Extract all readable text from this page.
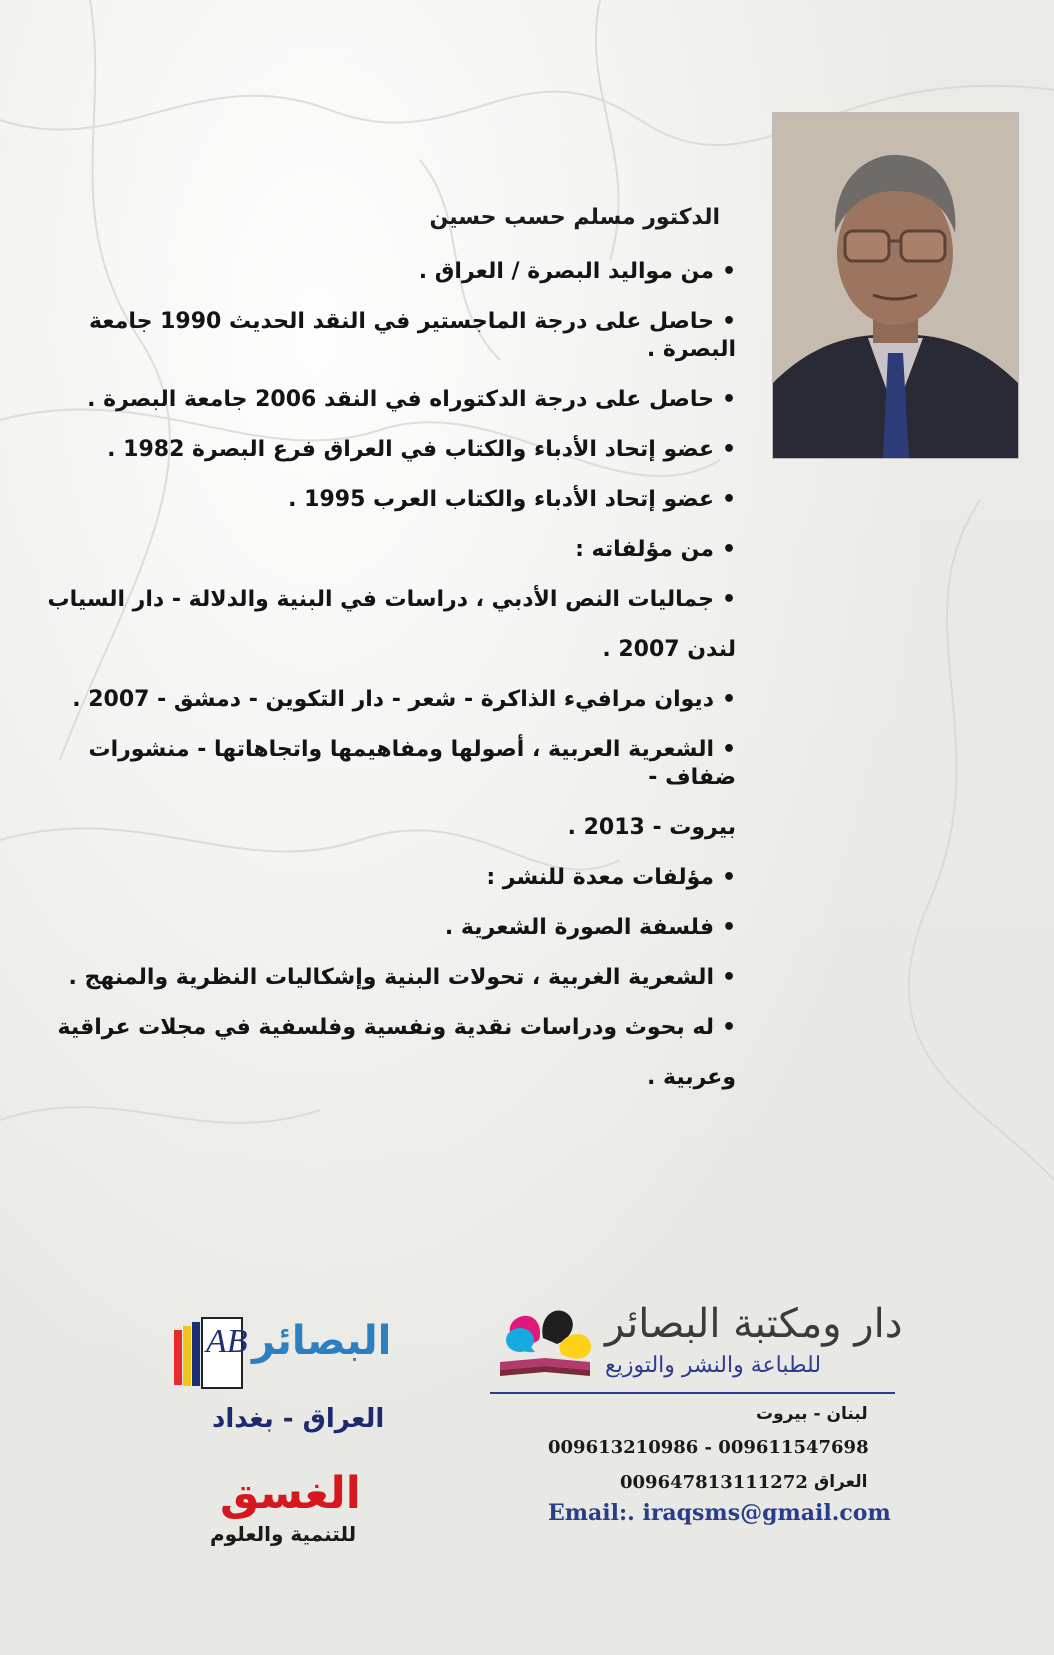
الدكتور مسلم حسب حسين
•من مواليد البصرة / العراق .
•حاصل على درجة الماجستير في النقد الحديث 1990 جامعة البصرة .
•حاصل على درجة الدكتوراه في النقد 2006 جامعة البصرة .
•عضو إتحاد الأدباء والكتاب في العراق فرع البصرة 1982 .
•عضو إتحاد الأدباء والكتاب العرب 1995 .
•من مؤلفاته :
•جماليات النص الأدبي ، دراسات في البنية والدلالة - دار السياب
لندن 2007 .
•ديوان مرافيء الذاكرة - شعر - دار التكوين - دمشق - 2007 .
•الشعرية العربية ، أصولها ومفاهيمها واتجاهاتها - منشورات ضفاف -
بيروت - 2013 .
•مؤلفات معدة للنشر :
•فلسفة الصورة الشعرية .
•الشعرية الغربية ، تحولات البنية وإشكاليات النظرية والمنهج .
•له بحوث ودراسات نقدية ونفسية وفلسفية في مجلات عراقية
وعربية .
دار ومكتبة البصائر
للطباعة والنشر والتوزيع
لبنان - بيروت
009613210986 - 009611547698
العراق
009647813111272
Email:. iraqsms@gmail.com
AB البصائر
العراق - بغداد
الغسق
للتنمية والعلوم
